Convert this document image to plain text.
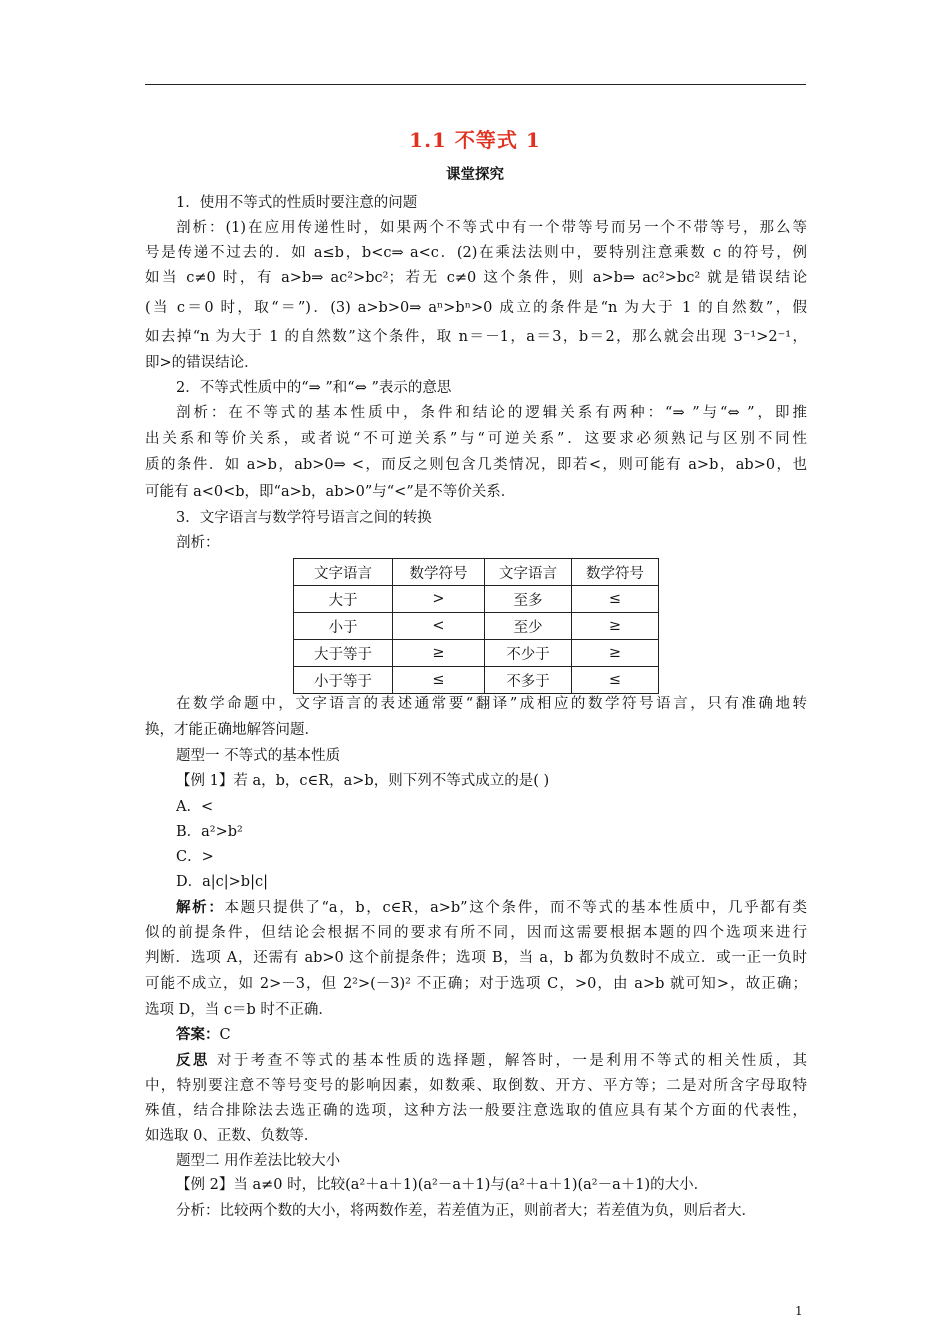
1.1 不等式 1
课堂探究
1．使用不等式的性质时要注意的问题
剖析：(1)在应用传递性时，如果两个不等式中有一个带等号而另一个不带等号，那么等
号是传递不过去的．如 a≤b，b<c⇒ a<c．(2)在乘法法则中，要特别注意乘数 c 的符号，例
如当 c≠0 时，有 a>b⇒ ac²>bc²；若无 c≠0 这个条件，则 a>b⇒ ac²>bc² 就是错误结论
(当 c＝0 时，取“＝”)．(3) a>b>0⇒ aⁿ>bⁿ>0 成立的条件是“n 为大于 1 的自然数”，假
如去掉“n 为大于 1 的自然数”这个条件，取 n＝－1，a＝3，b＝2，那么就会出现 3⁻¹>2⁻¹，
即>的错误结论．
2．不等式性质中的“⇒ ”和“⇔ ”表示的意思
剖析：在不等式的基本性质中，条件和结论的逻辑关系有两种：“⇒ ”与“⇔ ”，即推
出关系和等价关系，或者说“不可逆关系”与“可逆关系”．这要求必须熟记与区别不同性
质的条件．如 a>b，ab>0⇒ <，而反之则包含几类情况，即若<，则可能有 a>b，ab>0，也
可能有 a<0<b，即“a>b，ab>0”与“<”是不等价关系．
3．文字语言与数学符号语言之间的转换
剖析：
文字语言	数学符号	文字语言	数学符号
大于	>	至多	≤
小于	<	至少	≥
大于等于	≥	不少于	≥
小于等于	≤	不多于	≤
在数学命题中，文字语言的表述通常要“翻译”成相应的数学符号语言，只有准确地转
换，才能正确地解答问题．
题型一 不等式的基本性质
【例 1】若 a，b，c∈R，a>b，则下列不等式成立的是( )
A．<
B．a²>b²
C．>
D．a|c|>b|c|
解析：本题只提供了“a，b，c∈R，a>b”这个条件，而不等式的基本性质中，几乎都有类
似的前提条件，但结论会根据不同的要求有所不同，因而这需要根据本题的四个选项来进行
判断．选项 A，还需有 ab>0 这个前提条件；选项 B，当 a，b 都为负数时不成立．或一正一负时
可能不成立，如 2>－3，但 2²>(－3)² 不正确；对于选项 C，>0，由 a>b 就可知>，故正确；
选项 D，当 c＝b 时不正确．
答案：C
反思 对于考查不等式的基本性质的选择题，解答时，一是利用不等式的相关性质，其
中，特别要注意不等号变号的影响因素，如数乘、取倒数、开方、平方等；二是对所含字母取特
殊值，结合排除法去选正确的选项，这种方法一般要注意选取的值应具有某个方面的代表性，
如选取 0、正数、负数等．
题型二 用作差法比较大小
【例 2】当 a≠0 时，比较(a²＋a＋1)(a²－a＋1)与(a²＋a＋1)(a²－a＋1)的大小．
分析：比较两个数的大小，将两数作差，若差值为正，则前者大；若差值为负，则后者大．
1
